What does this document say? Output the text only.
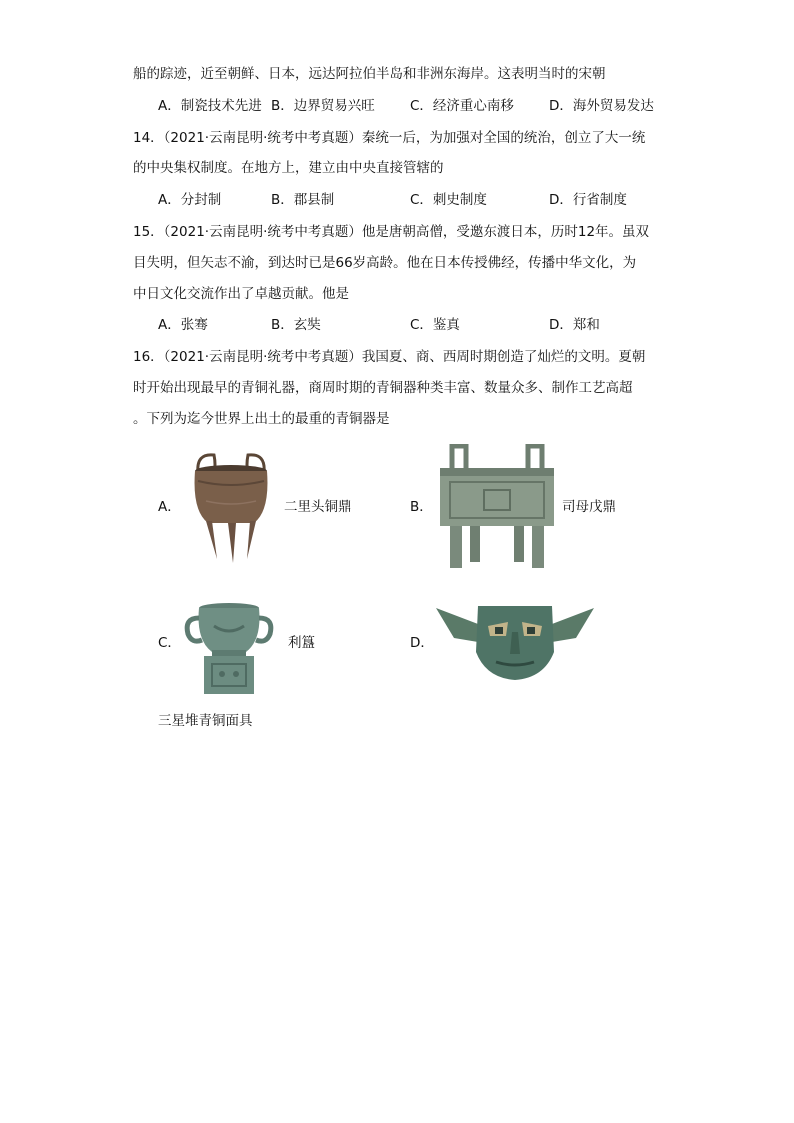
船的踪迹，近至朝鲜、日本，远达阿拉伯半岛和非洲东海岸。这表明当时的宋朝
A．制瓷技术先进 B．边界贸易兴旺	C．经济重心南移	D．海外贸易发达
14．（2021·云南昆明·统考中考真题）秦统一后，为加强对全国的统治，创立了大一统
的中央集权制度。在地方上，建立由中央直接管辖的
A．分封制	B．郡县制	C．刺史制度	D．行省制度
15．（2021·云南昆明·统考中考真题）他是唐朝高僧，受邀东渡日本，历时12年。虽双
目失明，但矢志不渝，到达时已是66岁高龄。他在日本传授佛经，传播中华文化，为
中日文化交流作出了卓越贡献。他是
A．张骞	B．玄奘	C．鉴真	D．郑和
16．（2021·云南昆明·统考中考真题）我国夏、商、西周时期创造了灿烂的文明。夏朝
时开始出现最早的青铜礼器，商周时期的青铜器种类丰富、数量众多、制作工艺高超
。下列为迄今世界上出土的最重的青铜器是
A．	二里头铜鼎	B．	司母戊鼎
C．	利簋	D．
三星堆青铜面具
